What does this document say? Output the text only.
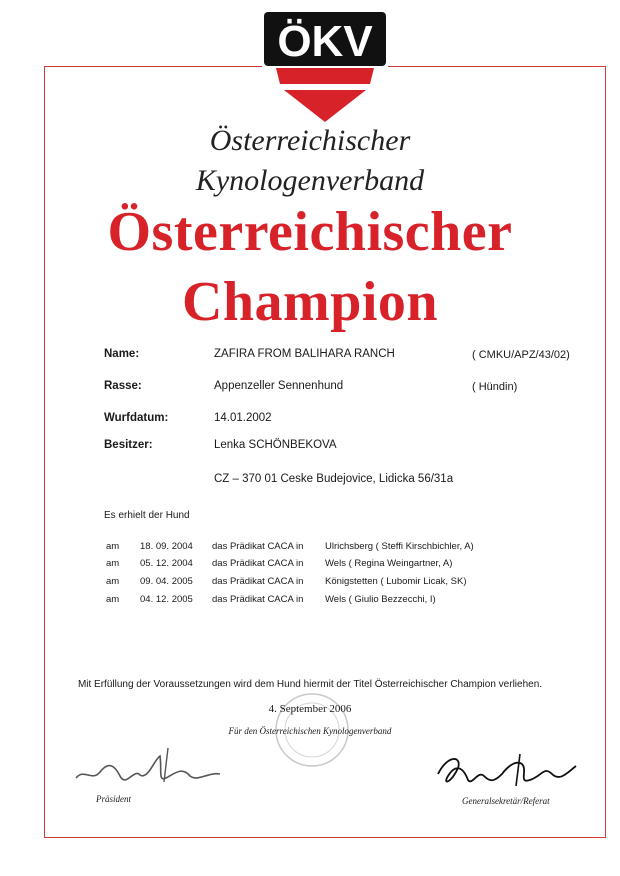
ÖKV
Österreichischer
Kynologenverband
Österreichischer
Champion
Name:	ZAFIRA FROM BALIHARA RANCH	( CMKU/APZ/43/02)
Rasse:	Appenzeller Sennenhund	( Hündin)
Wurfdatum:	14.01.2002
Besitzer:	Lenka SCHÖNBEKOVA
CZ – 370 01 Ceske Budejovice, Lidicka 56/31a
Es erhielt der Hund
am 18. 09. 2004 das Prädikat CACA in Ulrichsberg ( Steffi Kirschbichler, A)
am 05. 12. 2004 das Prädikat CACA in Wels ( Regina Weingartner, A)
am 09. 04. 2005 das Prädikat CACA in Königstetten ( Lubomir Licak, SK)
am 04. 12. 2005 das Prädikat CACA in Wels ( Giulio Bezzecchi, I)
Mit Erfüllung der Voraussetzungen wird dem Hund hiermit der Titel Österreichischer Champion verliehen.
4. September 2006
Für den Österreichischen Kynologenverband
Präsident	Generalsekretär/Referat
